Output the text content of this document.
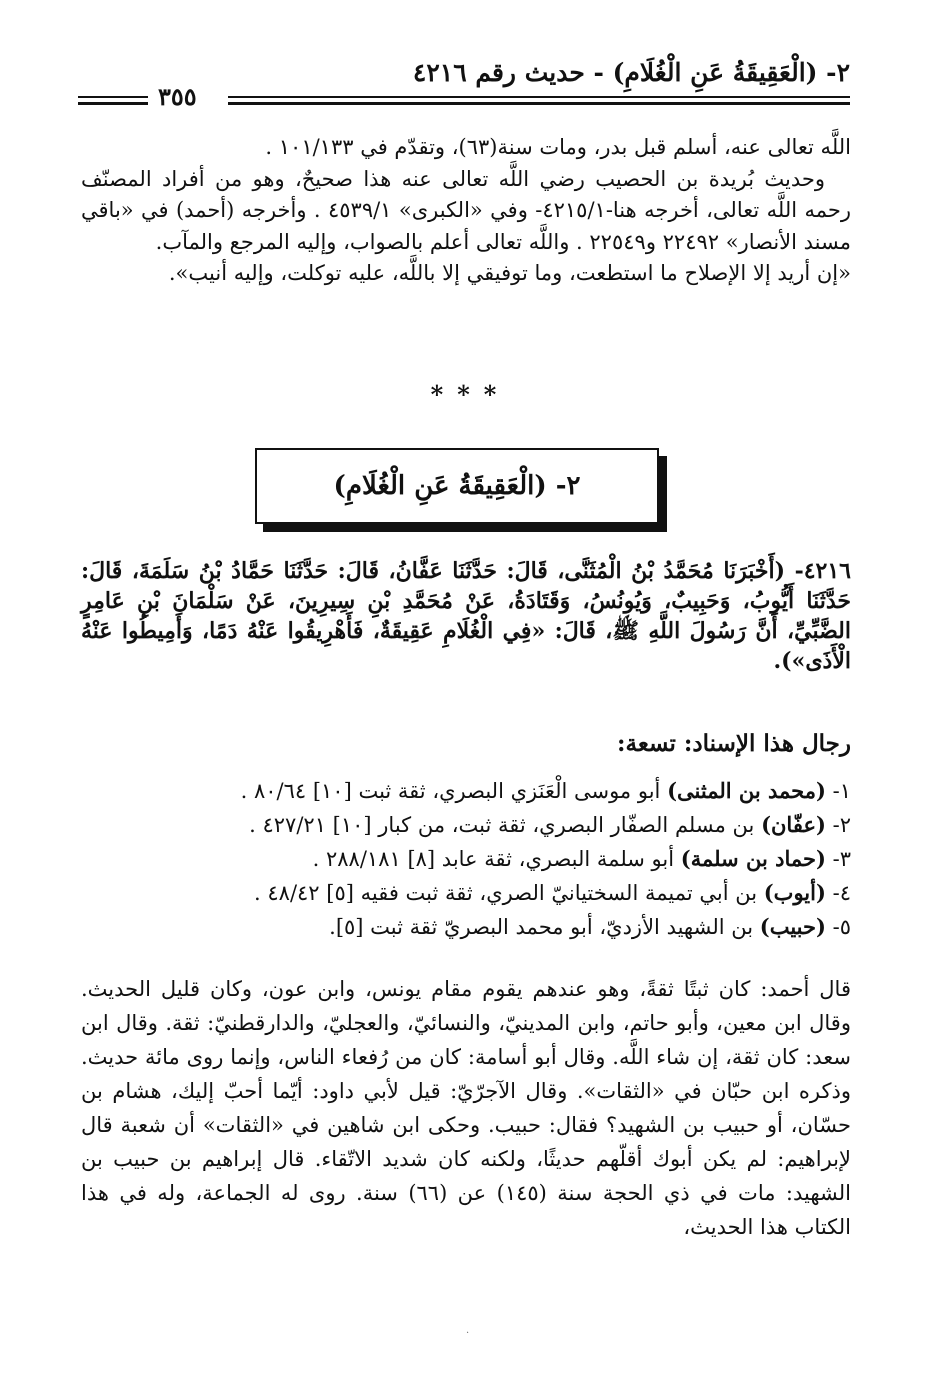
٢- (الْعَقِيقَةُ عَنِ الْغُلَامِ) - حديث رقم ٤٢١٦
٣٥٥

اللَّه تعالى عنه، أسلم قبل بدر، ومات سنة(٦٣)، وتقدّم في ١٠١/١٣٣ .

وحديث بُريدة بن الحصيب رضي اللَّه تعالى عنه هذا صحيحٌ، وهو من أفراد المصنّف رحمه اللَّه تعالى، أخرجه هنا-٤٢١٥/١- وفي «الكبرى» ٤٥٣٩/١ . وأخرجه (أحمد) في «باقي مسند الأنصار» ٢٢٤٩٢ و٢٢٥٤٩ . واللَّه تعالى أعلم بالصواب، وإليه المرجع والمآب.

«إن أريد إلا الإصلاح ما استطعت، وما توفيقي إلا باللَّه، عليه توكلت، وإليه أنيب».

***
٢- (الْعَقِيقَةُ عَنِ الْغُلَامِ)
٤٢١٦- (أَخْبَرَنَا مُحَمَّدُ بْنُ الْمُثَنَّى، قَالَ: حَدَّثَنَا عَفَّانُ، قَالَ: حَدَّثَنَا حَمَّادُ بْنُ سَلَمَةَ، قَالَ: حَدَّثَنَا أَيُّوبُ، وَحَبِيبٌ، وَيُونُسُ، وَقَتَادَةُ، عَنْ مُحَمَّدِ بْنِ سِيرِينَ، عَنْ سَلْمَانَ بْنِ عَامِرٍ الضَّبِّيِّ، أَنَّ رَسُولَ اللَّهِ ﷺ، قَالَ: «فِي الْغُلَامِ عَقِيقَةٌ، فَأَهْرِيقُوا عَنْهُ دَمًا، وَأَمِيطُوا عَنْهُ الْأَذَى»).
رجال هذا الإسناد: تسعة:
١- (محمد بن المثنى) أبو موسى الْعَنَزي البصري، ثقة ثبت [١٠] ٨٠/٦٤ .
٢- (عفّان) بن مسلم الصفّار البصري، ثقة ثبت، من كبار [١٠] ٤٢٧/٢١ .
٣- (حماد بن سلمة) أبو سلمة البصري، ثقة عابد [٨] ٢٨٨/١٨١ .
٤- (أيوب) بن أبي تميمة السختيانيّ الصري، ثقة ثبت فقيه [٥] ٤٨/٤٢ .
٥- (حبيب) بن الشهيد الأزديّ، أبو محمد البصريّ ثقة ثبت [٥].

قال أحمد: كان ثبتًا ثقةً، وهو عندهم يقوم مقام يونس، وابن عون، وكان قليل الحديث. وقال ابن معين، وأبو حاتم، وابن المدينيّ، والنسائيّ، والعجليّ، والدارقطنيّ: ثقة. وقال ابن سعد: كان ثقة، إن شاء اللَّه. وقال أبو أسامة: كان من رُفعاء الناس، وإنما روى مائة حديث. وذكره ابن حبّان في «الثقات». وقال الآجرّيّ: قيل لأبي داود: أيّما أحبّ إليك، هشام بن حسّان، أو حبيب بن الشهيد؟ فقال: حبيب. وحكى ابن شاهين في «الثقات» أن شعبة قال لإبراهيم: لم يكن أبوك أقلّهم حديثًا، ولكنه كان شديد الاتّقاء. قال إبراهيم بن حبيب بن الشهيد: مات في ذي الحجة سنة (١٤٥) عن (٦٦) سنة. روى له الجماعة، وله في هذا الكتاب هذا الحديث،

·
